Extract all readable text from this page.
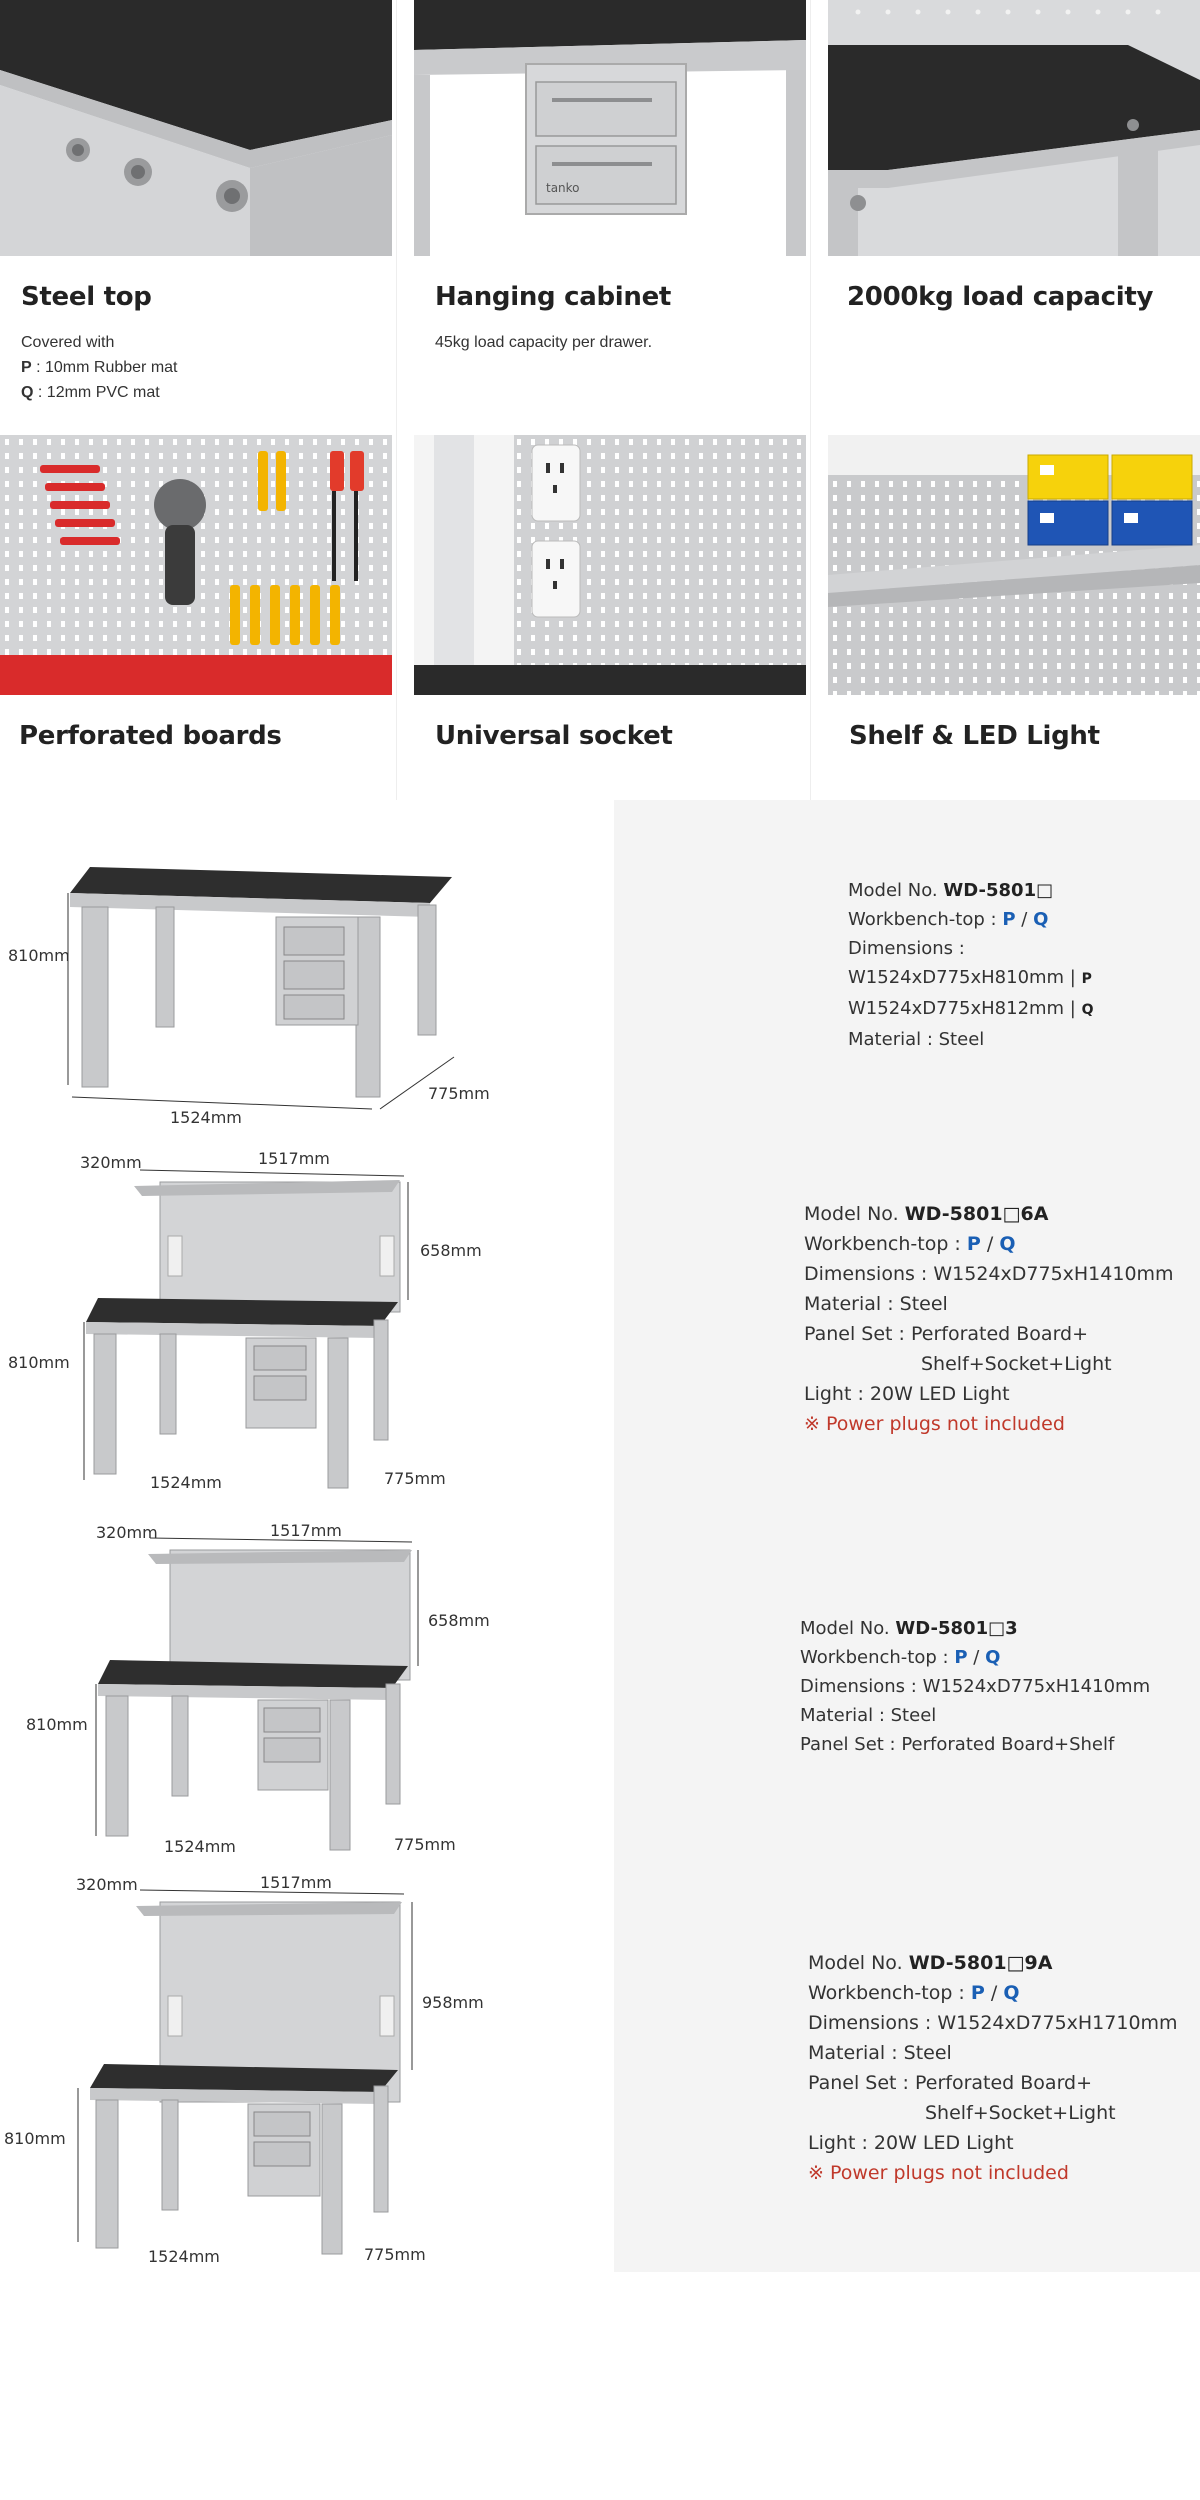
Steel top
Covered with
P : 10mm Rubber mat
Q : 12mm PVC mat
tanko
Hanging cabinet
45kg load capacity per drawer.
2000kg load capacity
Perforated boards	Universal socket	Shelf & LED Light
810mm
1524mm
775mm
Model No. WD-5801□
Workbench-top : P / Q
Dimensions :
W1524xD775xH810mm | P
W1524xD775xH812mm | Q
Material : Steel
810mm
658mm
320mm	1517mm
1524mm	775mm
Model No. WD-5801□6A
Workbench-top : P / Q
Dimensions : W1524xD775xH1410mm
Material : Steel
Panel Set : Perforated Board+
Shelf+Socket+Light
Light : 20W LED Light
※ Power plugs not included
810mm
658mm
320mm	1517mm
1524mm	775mm
Model No. WD-5801□3
Workbench-top : P / Q
Dimensions : W1524xD775xH1410mm
Material : Steel
Panel Set : Perforated Board+Shelf
810mm
958mm
320mm	1517mm
1524mm	775mm
Model No. WD-5801□9A
Workbench-top : P / Q
Dimensions : W1524xD775xH1710mm
Material : Steel
Panel Set : Perforated Board+
Shelf+Socket+Light
Light : 20W LED Light
※ Power plugs not included
